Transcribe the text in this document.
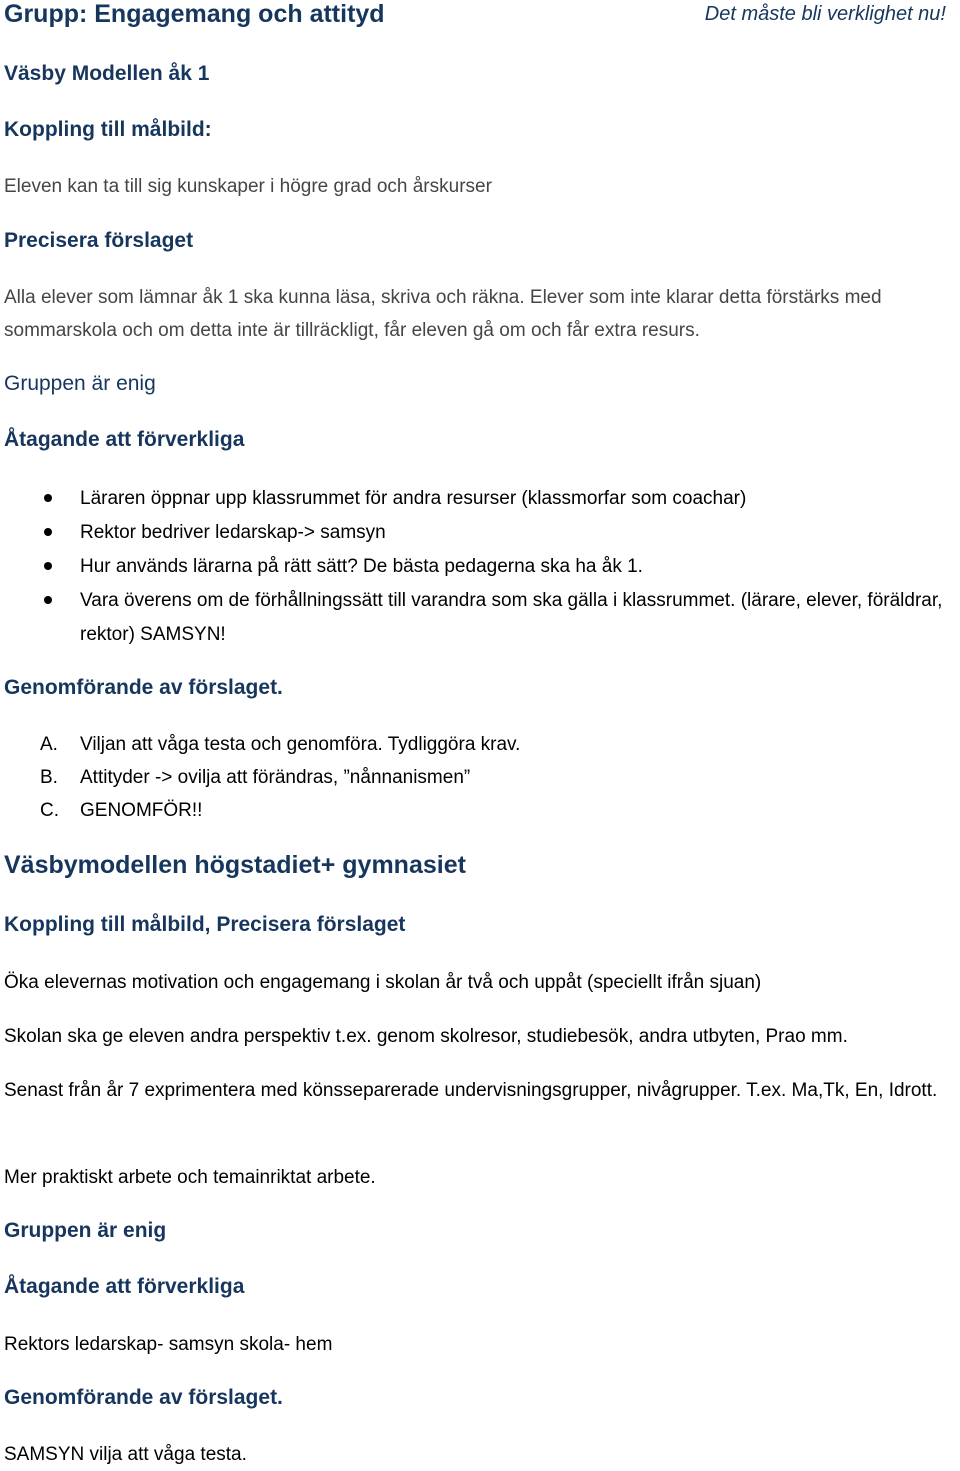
Grupp: Engagemang och attityd	Det måste bli verklighet nu!
Väsby Modellen åk 1
Koppling till målbild:
Eleven kan ta till sig kunskaper i högre grad och årskurser
Precisera förslaget
Alla elever som lämnar åk 1 ska kunna läsa, skriva och räkna. Elever som inte klarar detta förstärks med sommarskola och om detta inte är tillräckligt, får eleven gå om och får extra resurs.
Gruppen är enig
Åtagande att förverkliga
Läraren öppnar upp klassrummet för andra resurser (klassmorfar som coachar)
Rektor bedriver ledarskap-> samsyn
Hur används lärarna på rätt sätt? De bästa pedagerna ska ha åk 1.
Vara överens om de förhållningssätt till varandra som ska gälla i klassrummet. (lärare, elever, föräldrar, rektor) SAMSYN!
Genomförande av förslaget.
A. Viljan att våga testa och genomföra. Tydliggöra krav.
B. Attityder -> ovilja att förändras, ”nånnanismen”
C. GENOMFÖR!!
Väsbymodellen högstadiet+ gymnasiet
Koppling till målbild, Precisera förslaget
Öka elevernas motivation och engagemang i skolan år två och uppåt (speciellt ifrån sjuan)
Skolan ska ge eleven andra perspektiv t.ex. genom skolresor, studiebesök, andra utbyten, Prao mm.
Senast från år 7 exprimentera med könsseparerade undervisningsgrupper, nivågrupper. T.ex. Ma,Tk, En, Idrott.
Mer praktiskt arbete och temainriktat arbete.
Gruppen är enig
Åtagande att förverkliga
Rektors ledarskap- samsyn skola- hem
Genomförande av förslaget.
SAMSYN vilja att våga testa.
